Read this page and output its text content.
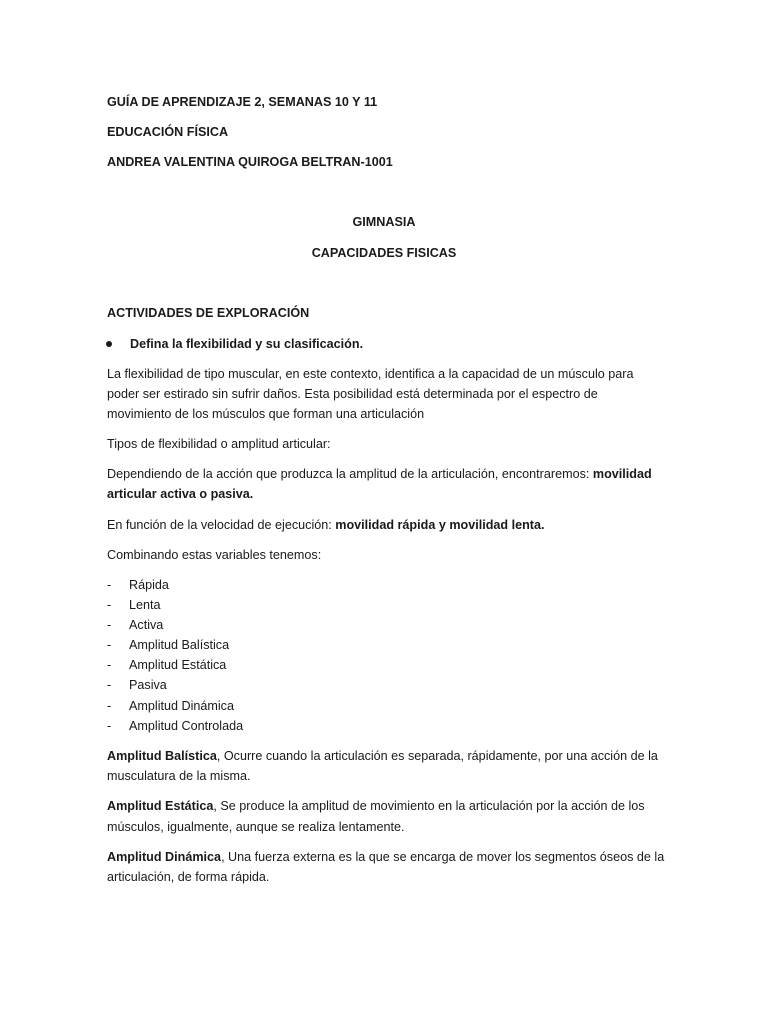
GUÍA DE APRENDIZAJE 2, SEMANAS 10 Y 11
EDUCACIÓN FÍSICA
ANDREA VALENTINA QUIROGA BELTRAN-1001
GIMNASIA
CAPACIDADES FISICAS
ACTIVIDADES DE EXPLORACIÓN
Defina la flexibilidad y su clasificación.
La flexibilidad de tipo muscular, en este contexto, identifica a la capacidad de un músculo para
poder ser estirado sin sufrir daños. Esta posibilidad está determinada por el espectro de
movimiento de los músculos que forman una articulación
Tipos de flexibilidad o amplitud articular:
Dependiendo de la acción que produzca la amplitud de la articulación, encontraremos: movilidad
articular activa o pasiva.
En función de la velocidad de ejecución: movilidad rápida y movilidad lenta.
Combinando estas variables tenemos:
- Rápida
- Lenta
- Activa
- Amplitud Balística
- Amplitud Estática
- Pasiva
- Amplitud Dinámica
- Amplitud Controlada
Amplitud Balística, Ocurre cuando la articulación es separada, rápidamente, por una acción de la
musculatura de la misma.
Amplitud Estática, Se produce la amplitud de movimiento en la articulación por la acción de los
músculos, igualmente, aunque se realiza lentamente.
Amplitud Dinámica, Una fuerza externa es la que se encarga de mover los segmentos óseos de la
articulación, de forma rápida.
